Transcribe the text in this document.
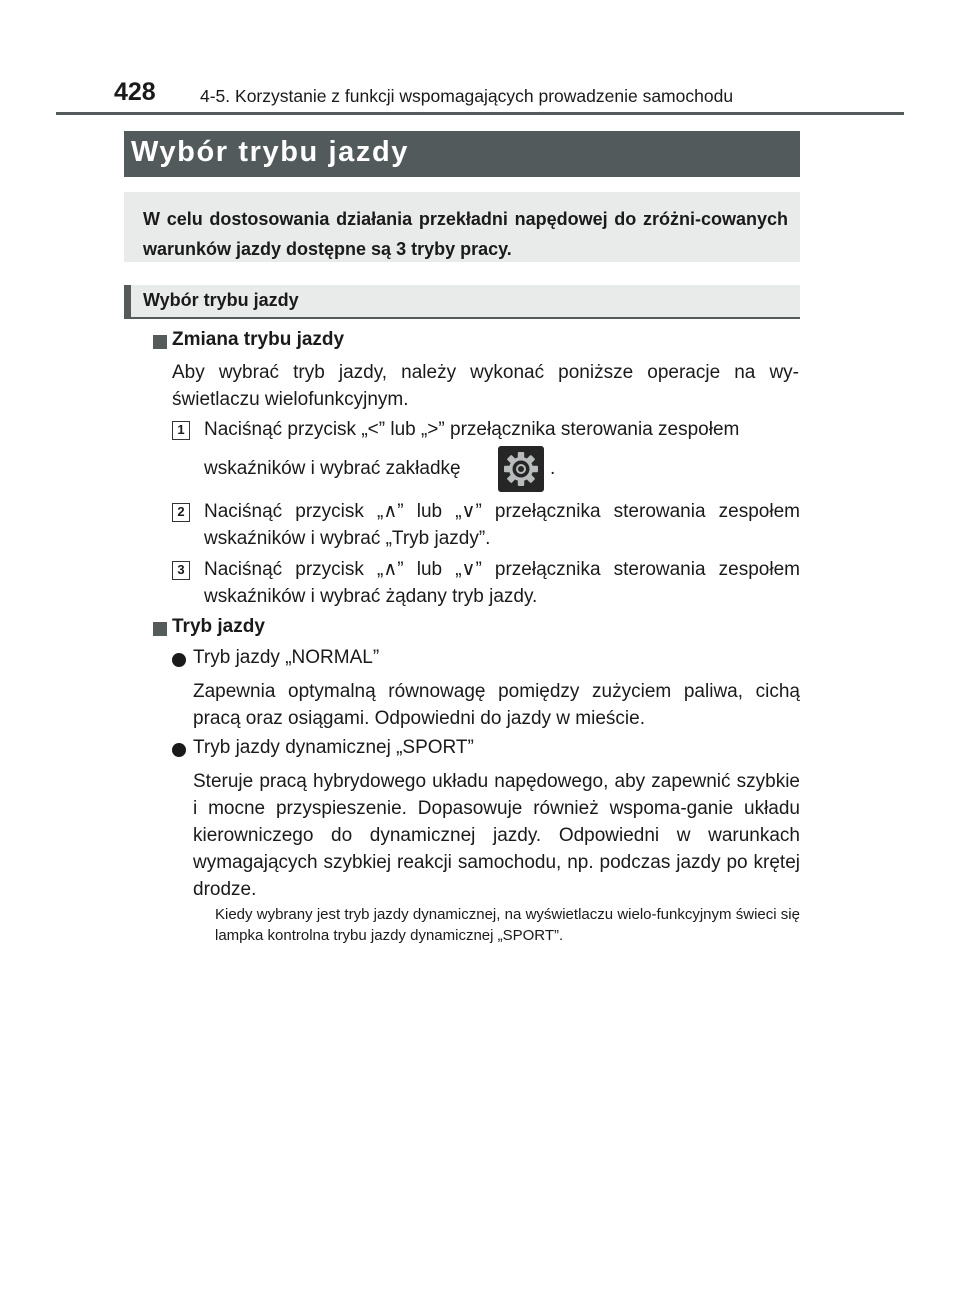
428	4-5. Korzystanie z funkcji wspomagających prowadzenie samochodu
Wybór trybu jazdy
W celu dostosowania działania przekładni napędowej do zróżni-cowanych warunków jazdy dostępne są 3 tryby pracy.
Wybór trybu jazdy
Zmiana trybu jazdy
Aby wybrać tryb jazdy, należy wykonać poniższe operacje na wy-świetlaczu wielofunkcyjnym.
1 Naciśnąć przycisk „<” lub „>” przełącznika sterowania zespołem
wskaźników i wybrać zakładkę	.
2 Naciśnąć przycisk „∧” lub „∨” przełącznika sterowania zespołem wskaźników i wybrać „Tryb jazdy”.
3 Naciśnąć przycisk „∧” lub „∨” przełącznika sterowania zespołem wskaźników i wybrać żądany tryb jazdy.
Tryb jazdy
Tryb jazdy „NORMAL”
Zapewnia optymalną równowagę pomiędzy zużyciem paliwa, cichą pracą oraz osiągami. Odpowiedni do jazdy w mieście.
Tryb jazdy dynamicznej „SPORT”
Steruje pracą hybrydowego układu napędowego, aby zapewnić szybkie i mocne przyspieszenie. Dopasowuje również wspoma-ganie układu kierowniczego do dynamicznej jazdy. Odpowiedni w warunkach wymagających szybkiej reakcji samochodu, np. podczas jazdy po krętej drodze.
Kiedy wybrany jest tryb jazdy dynamicznej, na wyświetlaczu wielo-funkcyjnym świeci się lampka kontrolna trybu jazdy dynamicznej „SPORT”.
